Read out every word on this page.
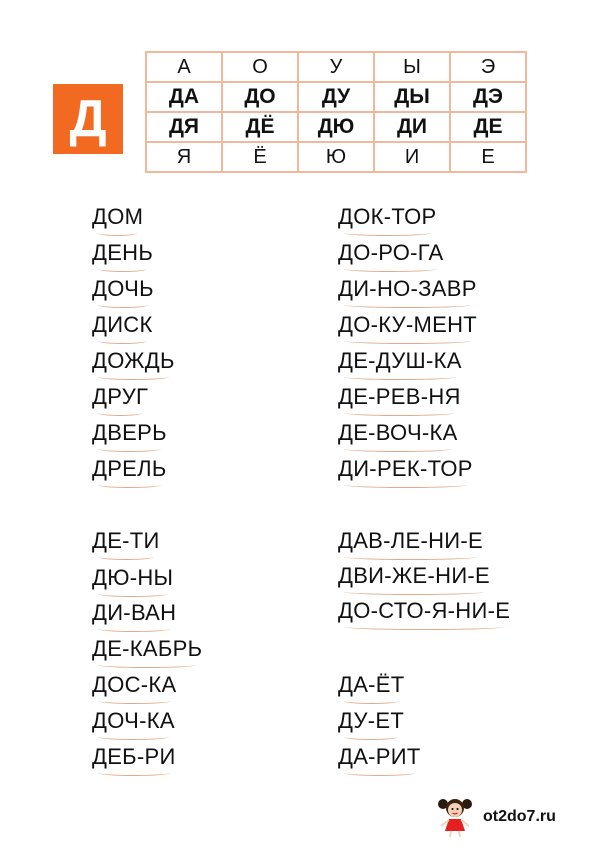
Д
А	О	У	Ы	Э
ДА	ДО	ДУ	ДЫ	ДЭ
ДЯ	ДЁ	ДЮ	ДИ	ДЕ
Я	Ё	Ю	И	Е
ДОМ
ДЕНЬ
ДОЧЬ
ДИСК
ДОЖДЬ
ДРУГ
ДВЕРЬ
ДРЕЛЬ
ДОК-ТОР
ДО-РО-ГА
ДИ-НО-ЗАВР
ДО-КУ-МЕНТ
ДЕ-ДУШ-КА
ДЕ-РЕВ-НЯ
ДЕ-ВОЧ-КА
ДИ-РЕК-ТОР
ДЕ-ТИ
ДЮ-НЫ
ДИ-ВАН
ДЕ-КАБРЬ
ДОС-КА
ДОЧ-КА
ДЕБ-РИ
ДАВ-ЛЕ-НИ-Е
ДВИ-ЖЕ-НИ-Е
ДО-СТО-Я-НИ-Е
ДА-ЁТ
ДУ-ЕТ
ДА-РИТ
ot2do7.ru
